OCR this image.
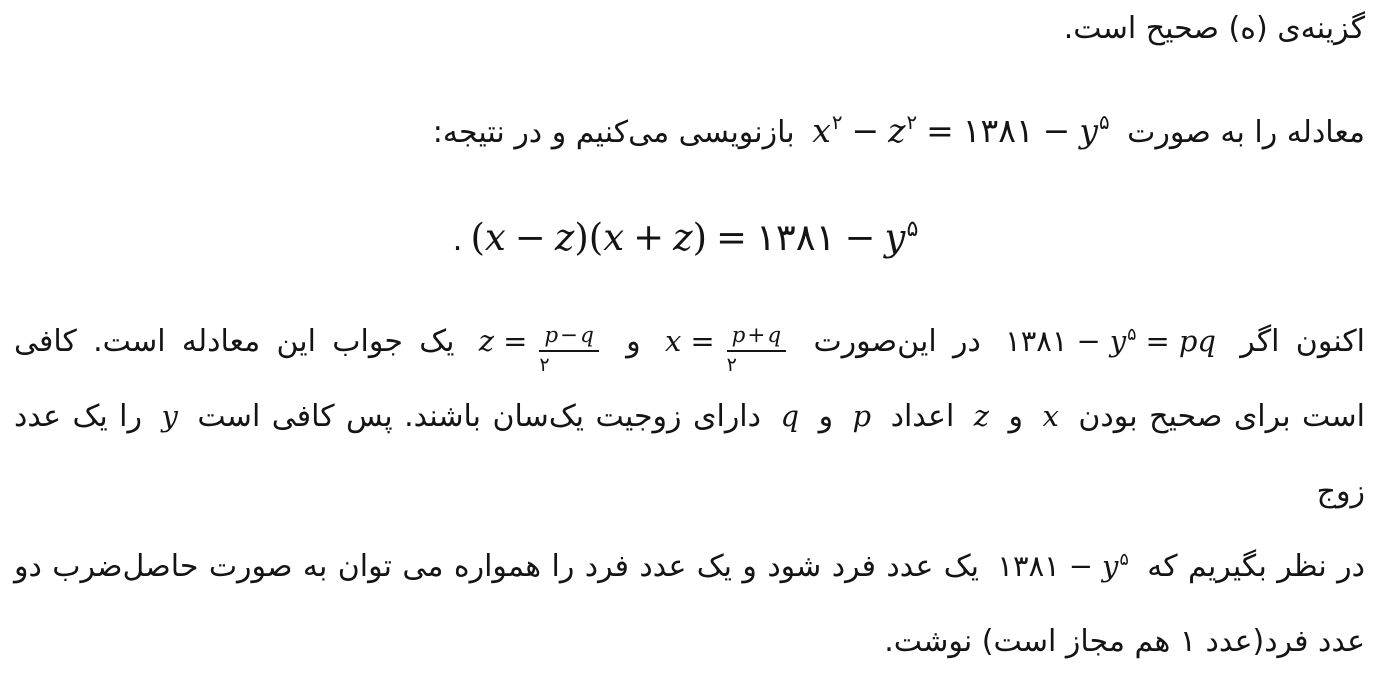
گزینه‌ی (ه) صحیح است.
معادله را به صورت $x^۲ - z^۲$ = ۱۳۸۱ − $y^۵$ بازنویسی می‌کنیم و در نتیجه:
(x − z)(x + z) = ۱۳۸۱ − $y^۵$.
اکنون اگر ۱۳۸۱ − $y^۵$ = pq در این‌صورت $x = \frac{p+q}{۲}$
و $z = \frac{p-q}{۲}$
یک جواب این معادله است. کافی
است برای صحیح بودن x و z اعداد p و q دارای زوجیت یک‌سان باشند. پس کافی است y را یک عدد زوج
در نظر بگیریم که ۱۳۸۱ − $y^۵$ یک عدد فرد شود و یک عدد فرد را همواره می توان به صورت حاصل‌ضرب دو
عدد فرد(عدد ۱ هم مجاز است) نوشت.
